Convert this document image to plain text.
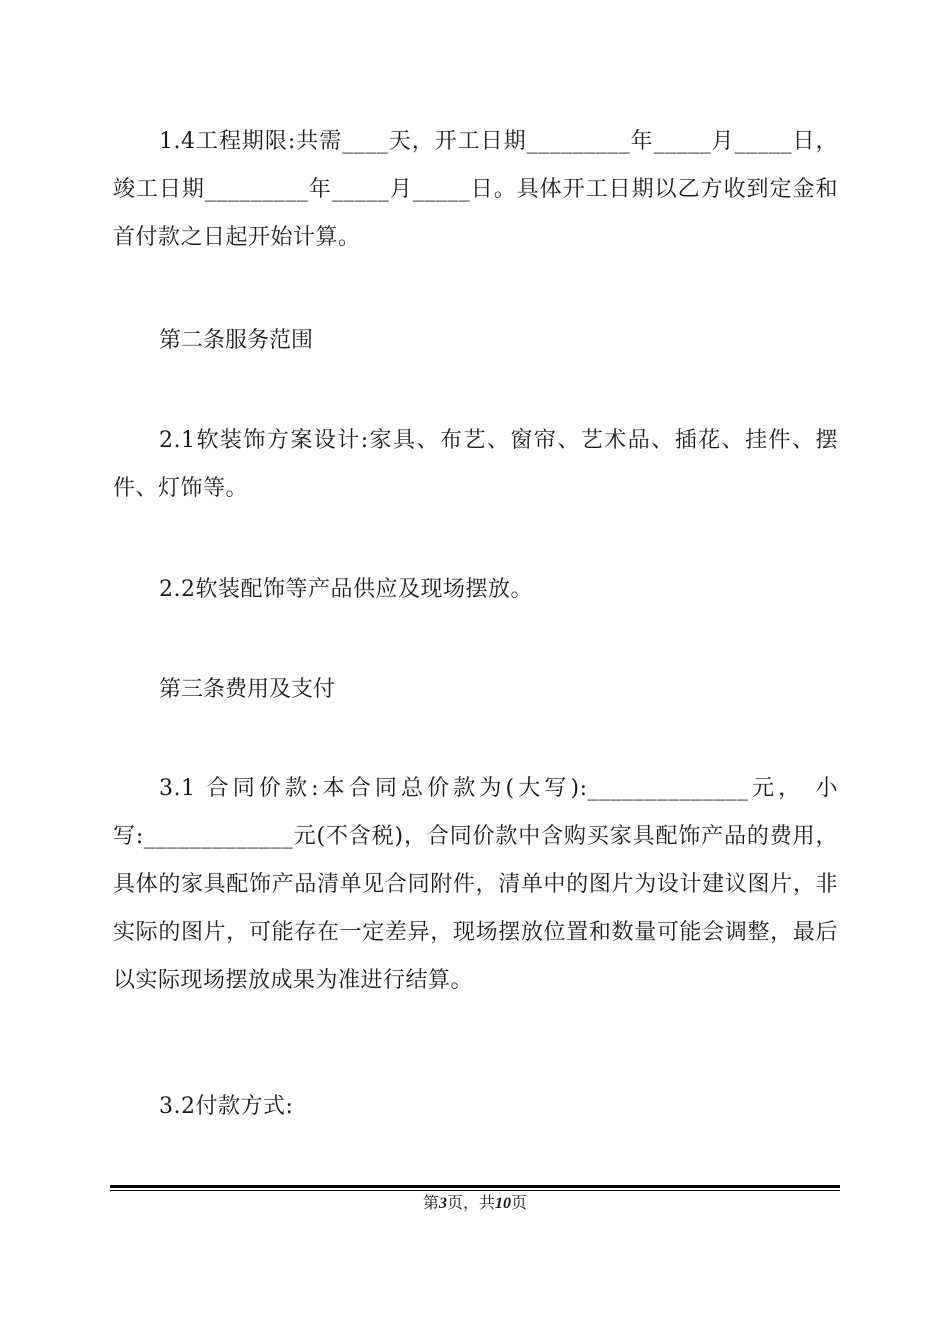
1.4工程期限:共需____天，开工日期_________年_____月_____日，竣工日期_________年_____月_____日。具体开工日期以乙方收到定金和首付款之日起开始计算。

第二条服务范围

2.1软装饰方案设计:家具、布艺、窗帘、艺术品、插花、挂件、摆件、灯饰等。

2.2软装配饰等产品供应及现场摆放。

第三条费用及支付

3.1 合同价款:本合同总价款为(大写):______________元， 小写:_____________元(不含税)，合同价款中含购买家具配饰产品的费用，具体的家具配饰产品清单见合同附件，清单中的图片为设计建议图片，非实际的图片，可能存在一定差异，现场摆放位置和数量可能会调整，最后以实际现场摆放成果为准进行结算。

3.2付款方式:

第3页，共10页
